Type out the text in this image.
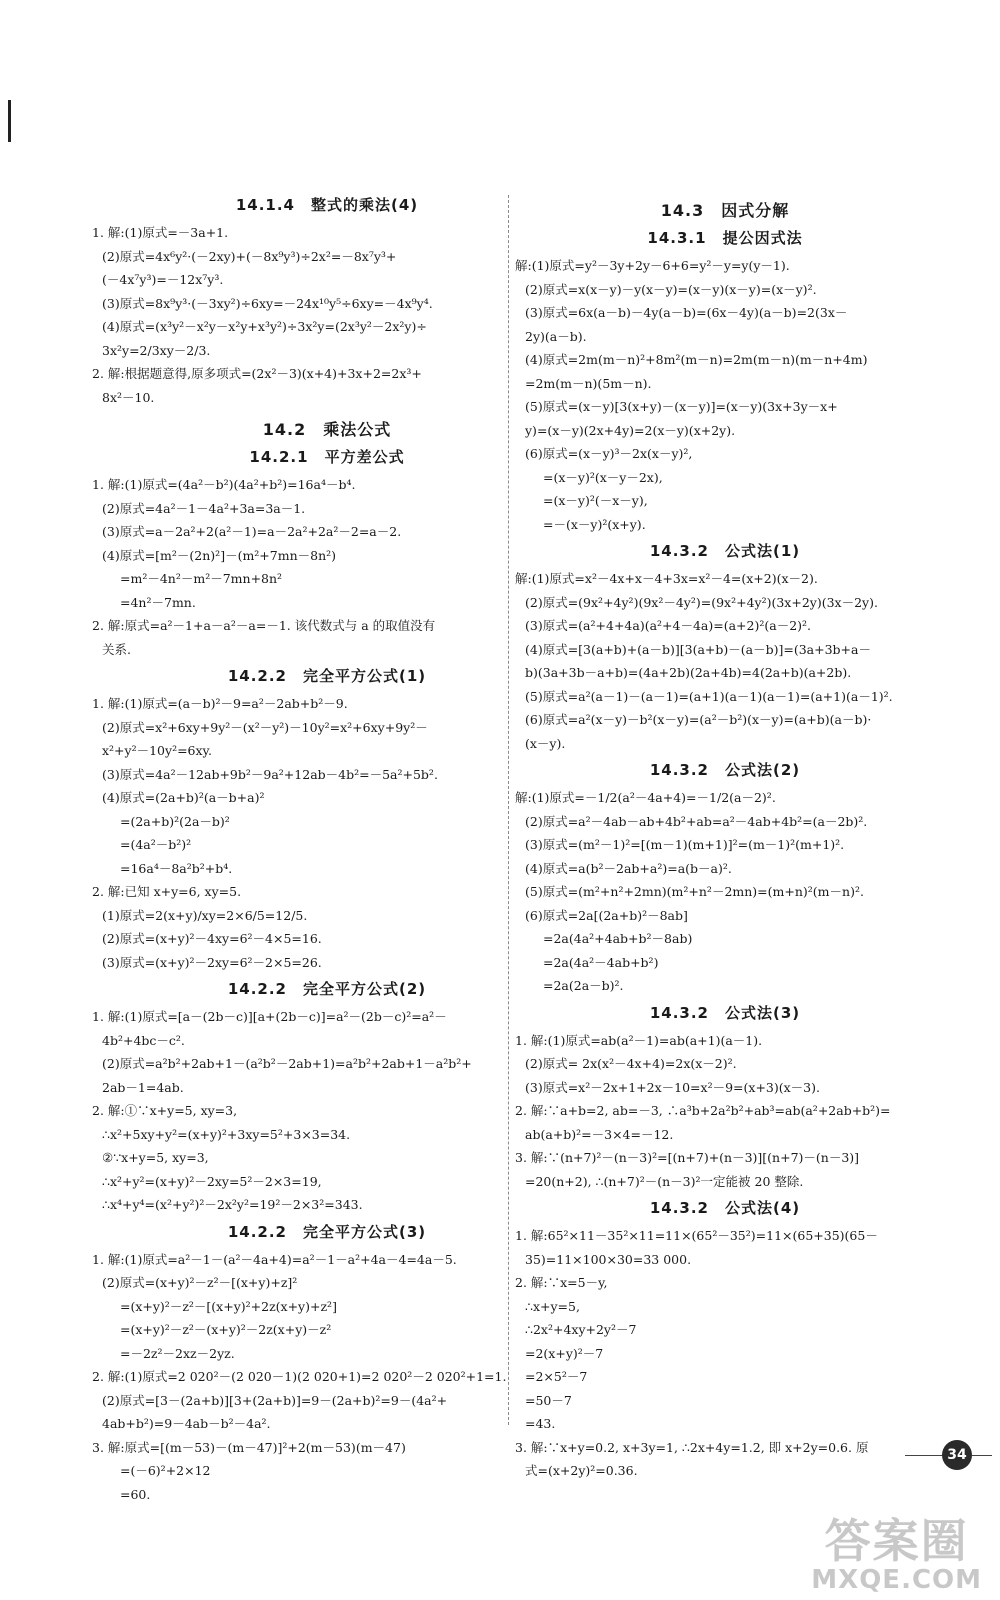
14.1.4　整式的乘法(4)
1. 解:(1)原式=－3a+1.
(2)原式=4x⁶y²·(－2xy)+(－8x⁹y³)÷2x²=－8x⁷y³+
(－4x⁷y³)=－12x⁷y³.
(3)原式=8x⁹y³·(－3xy²)÷6xy=－24x¹⁰y⁵÷6xy=－4x⁹y⁴.
(4)原式=(x³y²－x²y－x²y+x³y²)÷3x²y=(2x³y²－2x²y)÷
3x²y=2/3xy－2/3.
2. 解:根据题意得,原多项式=(2x²－3)(x+4)+3x+2=2x³+
8x²－10.
14.2　乘法公式
14.2.1　平方差公式
1. 解:(1)原式=(4a²－b²)(4a²+b²)=16a⁴－b⁴.
(2)原式=4a²－1－4a²+3a=3a－1.
(3)原式=a－2a²+2(a²－1)=a－2a²+2a²－2=a－2.
(4)原式=[m²－(2n)²]－(m²+7mn－8n²)
=m²－4n²－m²－7mn+8n²
=4n²－7mn.
2. 解:原式=a²－1+a－a²－a=－1. 该代数式与 a 的取值没有
关系.
14.2.2　完全平方公式(1)
1. 解:(1)原式=(a－b)²－9=a²－2ab+b²－9.
(2)原式=x²+6xy+9y²－(x²－y²)－10y²=x²+6xy+9y²－
x²+y²－10y²=6xy.
(3)原式=4a²－12ab+9b²－9a²+12ab－4b²=－5a²+5b².
(4)原式=(2a+b)²(a－b+a)²
=(2a+b)²(2a－b)²
=(4a²－b²)²
=16a⁴－8a²b²+b⁴.
2. 解:已知 x+y=6, xy=5.
(1)原式=2(x+y)/xy=2×6/5=12/5.
(2)原式=(x+y)²－4xy=6²－4×5=16.
(3)原式=(x+y)²－2xy=6²－2×5=26.
14.2.2　完全平方公式(2)
1. 解:(1)原式=[a－(2b－c)][a+(2b－c)]=a²－(2b－c)²=a²－
4b²+4bc－c².
(2)原式=a²b²+2ab+1－(a²b²－2ab+1)=a²b²+2ab+1－a²b²+
2ab－1=4ab.
2. 解:①∵x+y=5, xy=3,
∴x²+5xy+y²=(x+y)²+3xy=5²+3×3=34.
②∵x+y=5, xy=3,
∴x²+y²=(x+y)²－2xy=5²－2×3=19,
∴x⁴+y⁴=(x²+y²)²－2x²y²=19²－2×3²=343.
14.2.2　完全平方公式(3)
1. 解:(1)原式=a²－1－(a²－4a+4)=a²－1－a²+4a－4=4a－5.
(2)原式=(x+y)²－z²－[(x+y)+z]²
=(x+y)²－z²－[(x+y)²+2z(x+y)+z²]
=(x+y)²－z²－(x+y)²－2z(x+y)－z²
=－2z²－2xz－2yz.
2. 解:(1)原式=2 020²－(2 020－1)(2 020+1)=2 020²－2 020²+1=1.
(2)原式=[3－(2a+b)][3+(2a+b)]=9－(2a+b)²=9－(4a²+
4ab+b²)=9－4ab－b²－4a².
3. 解:原式=[(m－53)－(m－47)]²+2(m－53)(m－47)
=(－6)²+2×12
=60.
14.3　因式分解
14.3.1　提公因式法
解:(1)原式=y²－3y+2y－6+6=y²－y=y(y－1).
(2)原式=x(x－y)－y(x－y)=(x－y)(x－y)=(x－y)².
(3)原式=6x(a－b)－4y(a－b)=(6x－4y)(a－b)=2(3x－
2y)(a－b).
(4)原式=2m(m－n)²+8m²(m－n)=2m(m－n)(m－n+4m)
=2m(m－n)(5m－n).
(5)原式=(x－y)[3(x+y)－(x－y)]=(x－y)(3x+3y－x+
y)=(x－y)(2x+4y)=2(x－y)(x+2y).
(6)原式=(x－y)³－2x(x－y)²,
=(x－y)²(x－y－2x),
=(x－y)²(－x－y),
=－(x－y)²(x+y).
14.3.2　公式法(1)
解:(1)原式=x²－4x+x－4+3x=x²－4=(x+2)(x－2).
(2)原式=(9x²+4y²)(9x²－4y²)=(9x²+4y²)(3x+2y)(3x－2y).
(3)原式=(a²+4+4a)(a²+4－4a)=(a+2)²(a－2)².
(4)原式=[3(a+b)+(a－b)][3(a+b)－(a－b)]=(3a+3b+a－
b)(3a+3b－a+b)=(4a+2b)(2a+4b)=4(2a+b)(a+2b).
(5)原式=a²(a－1)－(a－1)=(a+1)(a－1)(a－1)=(a+1)(a－1)².
(6)原式=a²(x－y)－b²(x－y)=(a²－b²)(x－y)=(a+b)(a－b)·
(x－y).
14.3.2　公式法(2)
解:(1)原式=－1/2(a²－4a+4)=－1/2(a－2)².
(2)原式=a²－4ab－ab+4b²+ab=a²－4ab+4b²=(a－2b)².
(3)原式=(m²－1)²=[(m－1)(m+1)]²=(m－1)²(m+1)².
(4)原式=a(b²－2ab+a²)=a(b－a)².
(5)原式=(m²+n²+2mn)(m²+n²－2mn)=(m+n)²(m－n)².
(6)原式=2a[(2a+b)²－8ab]
=2a(4a²+4ab+b²－8ab)
=2a(4a²－4ab+b²)
=2a(2a－b)².
14.3.2　公式法(3)
1. 解:(1)原式=ab(a²－1)=ab(a+1)(a－1).
(2)原式= 2x(x²－4x+4)=2x(x－2)².
(3)原式=x²－2x+1+2x－10=x²－9=(x+3)(x－3).
2. 解:∵a+b=2, ab=－3, ∴a³b+2a²b²+ab³=ab(a²+2ab+b²)=
ab(a+b)²=－3×4=－12.
3. 解:∵(n+7)²－(n－3)²=[(n+7)+(n－3)][(n+7)－(n－3)]
=20(n+2), ∴(n+7)²－(n－3)²一定能被 20 整除.
14.3.2　公式法(4)
1. 解:65²×11－35²×11=11×(65²－35²)=11×(65+35)(65－
35)=11×100×30=33 000.
2. 解:∵x=5－y,
∴x+y=5,
∴2x²+4xy+2y²－7
=2(x+y)²－7
=2×5²－7
=50－7
=43.
3. 解:∵x+y=0.2, x+3y=1, ∴2x+4y=1.2, 即 x+2y=0.6. 原
式=(x+2y)²=0.36.
34
答案圈
MXQE.COM
